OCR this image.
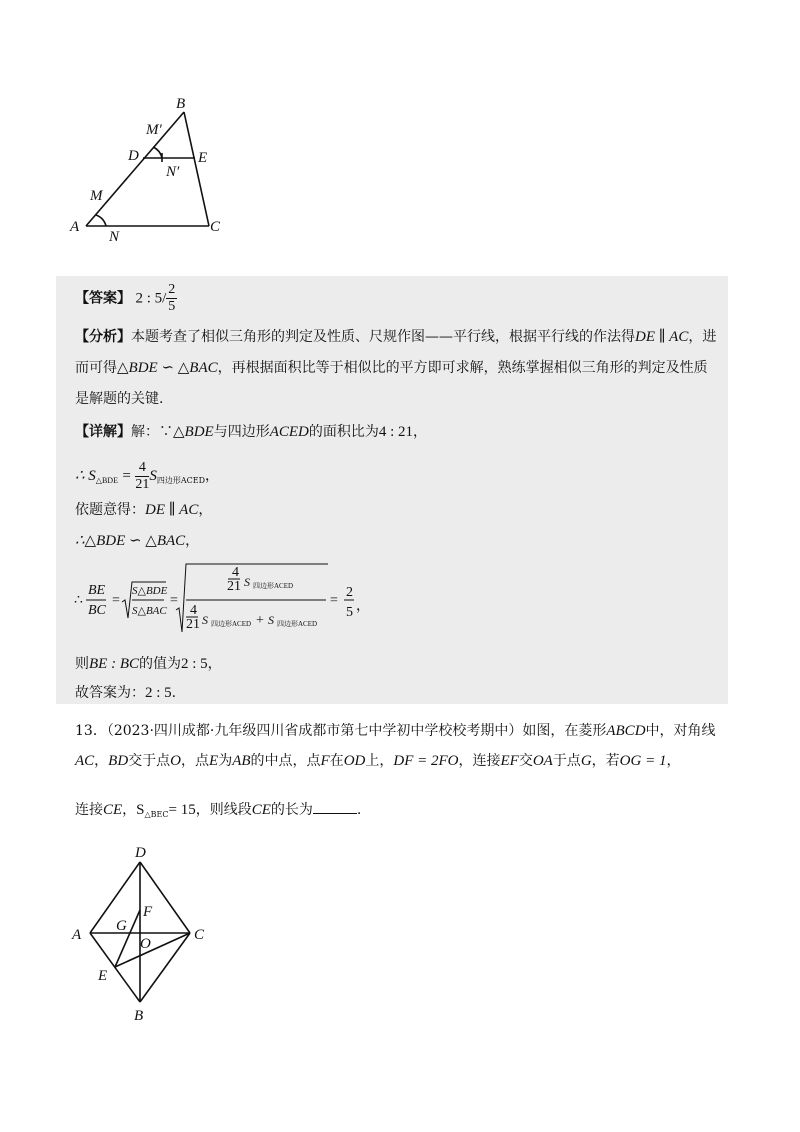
A
B
C
D	E
M
N
M′
N′
【答案】 2 : $5/ \frac{2}{5}$
【分析】本题考查了相似三角形的判定及性质、尺规作图——平行线，根据平行线的作法得DE ∥ AC，进而可得△BDE ∽ △BAC，再根据面积比等于相似比的平方即可求解，熟练掌握相似三角形的判定及性质是解题的关键.
【详解】解：∵△BDE与四边形ACED的面积比为4 : 21，
∴ $S_{\triangle BDE} = \frac{4}{21} S_{四边形ACED}$，
依题意得：DE ∥ AC，
∴△BDE ∽ △BAC，
∴
BE
BC
=
S△BDE
S△BAC
=
4
21 S 四边形ACED
4
21 S 四边形ACED + S 四边形ACED
=
2
5 ，
则BE : BC的值为2 : 5，
故答案为：2 : 5.
13．（2023·四川成都·九年级四川省成都市第七中学初中学校校考期中）如图，在菱形ABCD中，对角线 AC，BD交于点O，点E为AB的中点，点F在OD上，DF = 2FO，连接EF交OA于点G，若OG = 1，
连接CE，$S_{\triangle BEC}= 15$，则线段CE的长为	.
D
A	C
B
E
F
G
O
